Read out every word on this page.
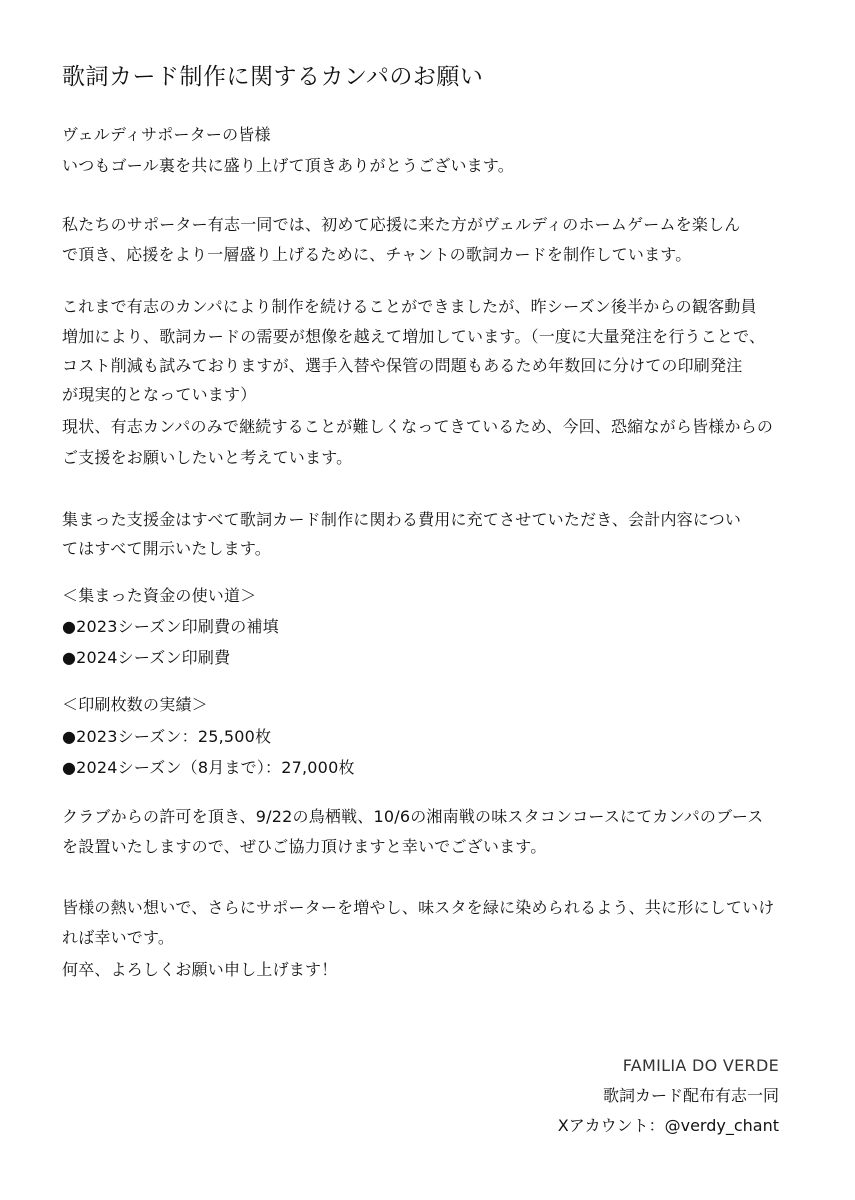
歌詞カード制作に関するカンパのお願い
ヴェルディサポーターの皆様
いつもゴール裏を共に盛り上げて頂きありがとうございます。
私たちのサポーター有志一同では、初めて応援に来た方がヴェルディのホームゲームを楽しん
で頂き、応援をより一層盛り上げるために、チャントの歌詞カードを制作しています。
これまで有志のカンパにより制作を続けることができましたが、昨シーズン後半からの観客動員
増加により、歌詞カードの需要が想像を越えて増加しています。（一度に大量発注を行うことで、
コスト削減も試みておりますが、選手入替や保管の問題もあるため年数回に分けての印刷発注
が現実的となっています）
現状、有志カンパのみで継続することが難しくなってきているため、今回、恐縮ながら皆様からの
ご支援をお願いしたいと考えています。
集まった支援金はすべて歌詞カード制作に関わる費用に充てさせていただき、会計内容につい
てはすべて開示いたします。
＜集まった資金の使い道＞
●2023シーズン印刷費の補填
●2024シーズン印刷費
＜印刷枚数の実績＞
●2023シーズン：25,500枚
●2024シーズン（8月まで）：27,000枚
クラブからの許可を頂き、9/22の鳥栖戦、10/6の湘南戦の味スタコンコースにてカンパのブース
を設置いたしますので、ぜひご協力頂けますと幸いでございます。
皆様の熱い想いで、さらにサポーターを増やし、味スタを緑に染められるよう、共に形にしていけ
れば幸いです。
何卒、よろしくお願い申し上げます！
FAMILIA DO VERDE
歌詞カード配布有志一同
Xアカウント：@verdy_chant
